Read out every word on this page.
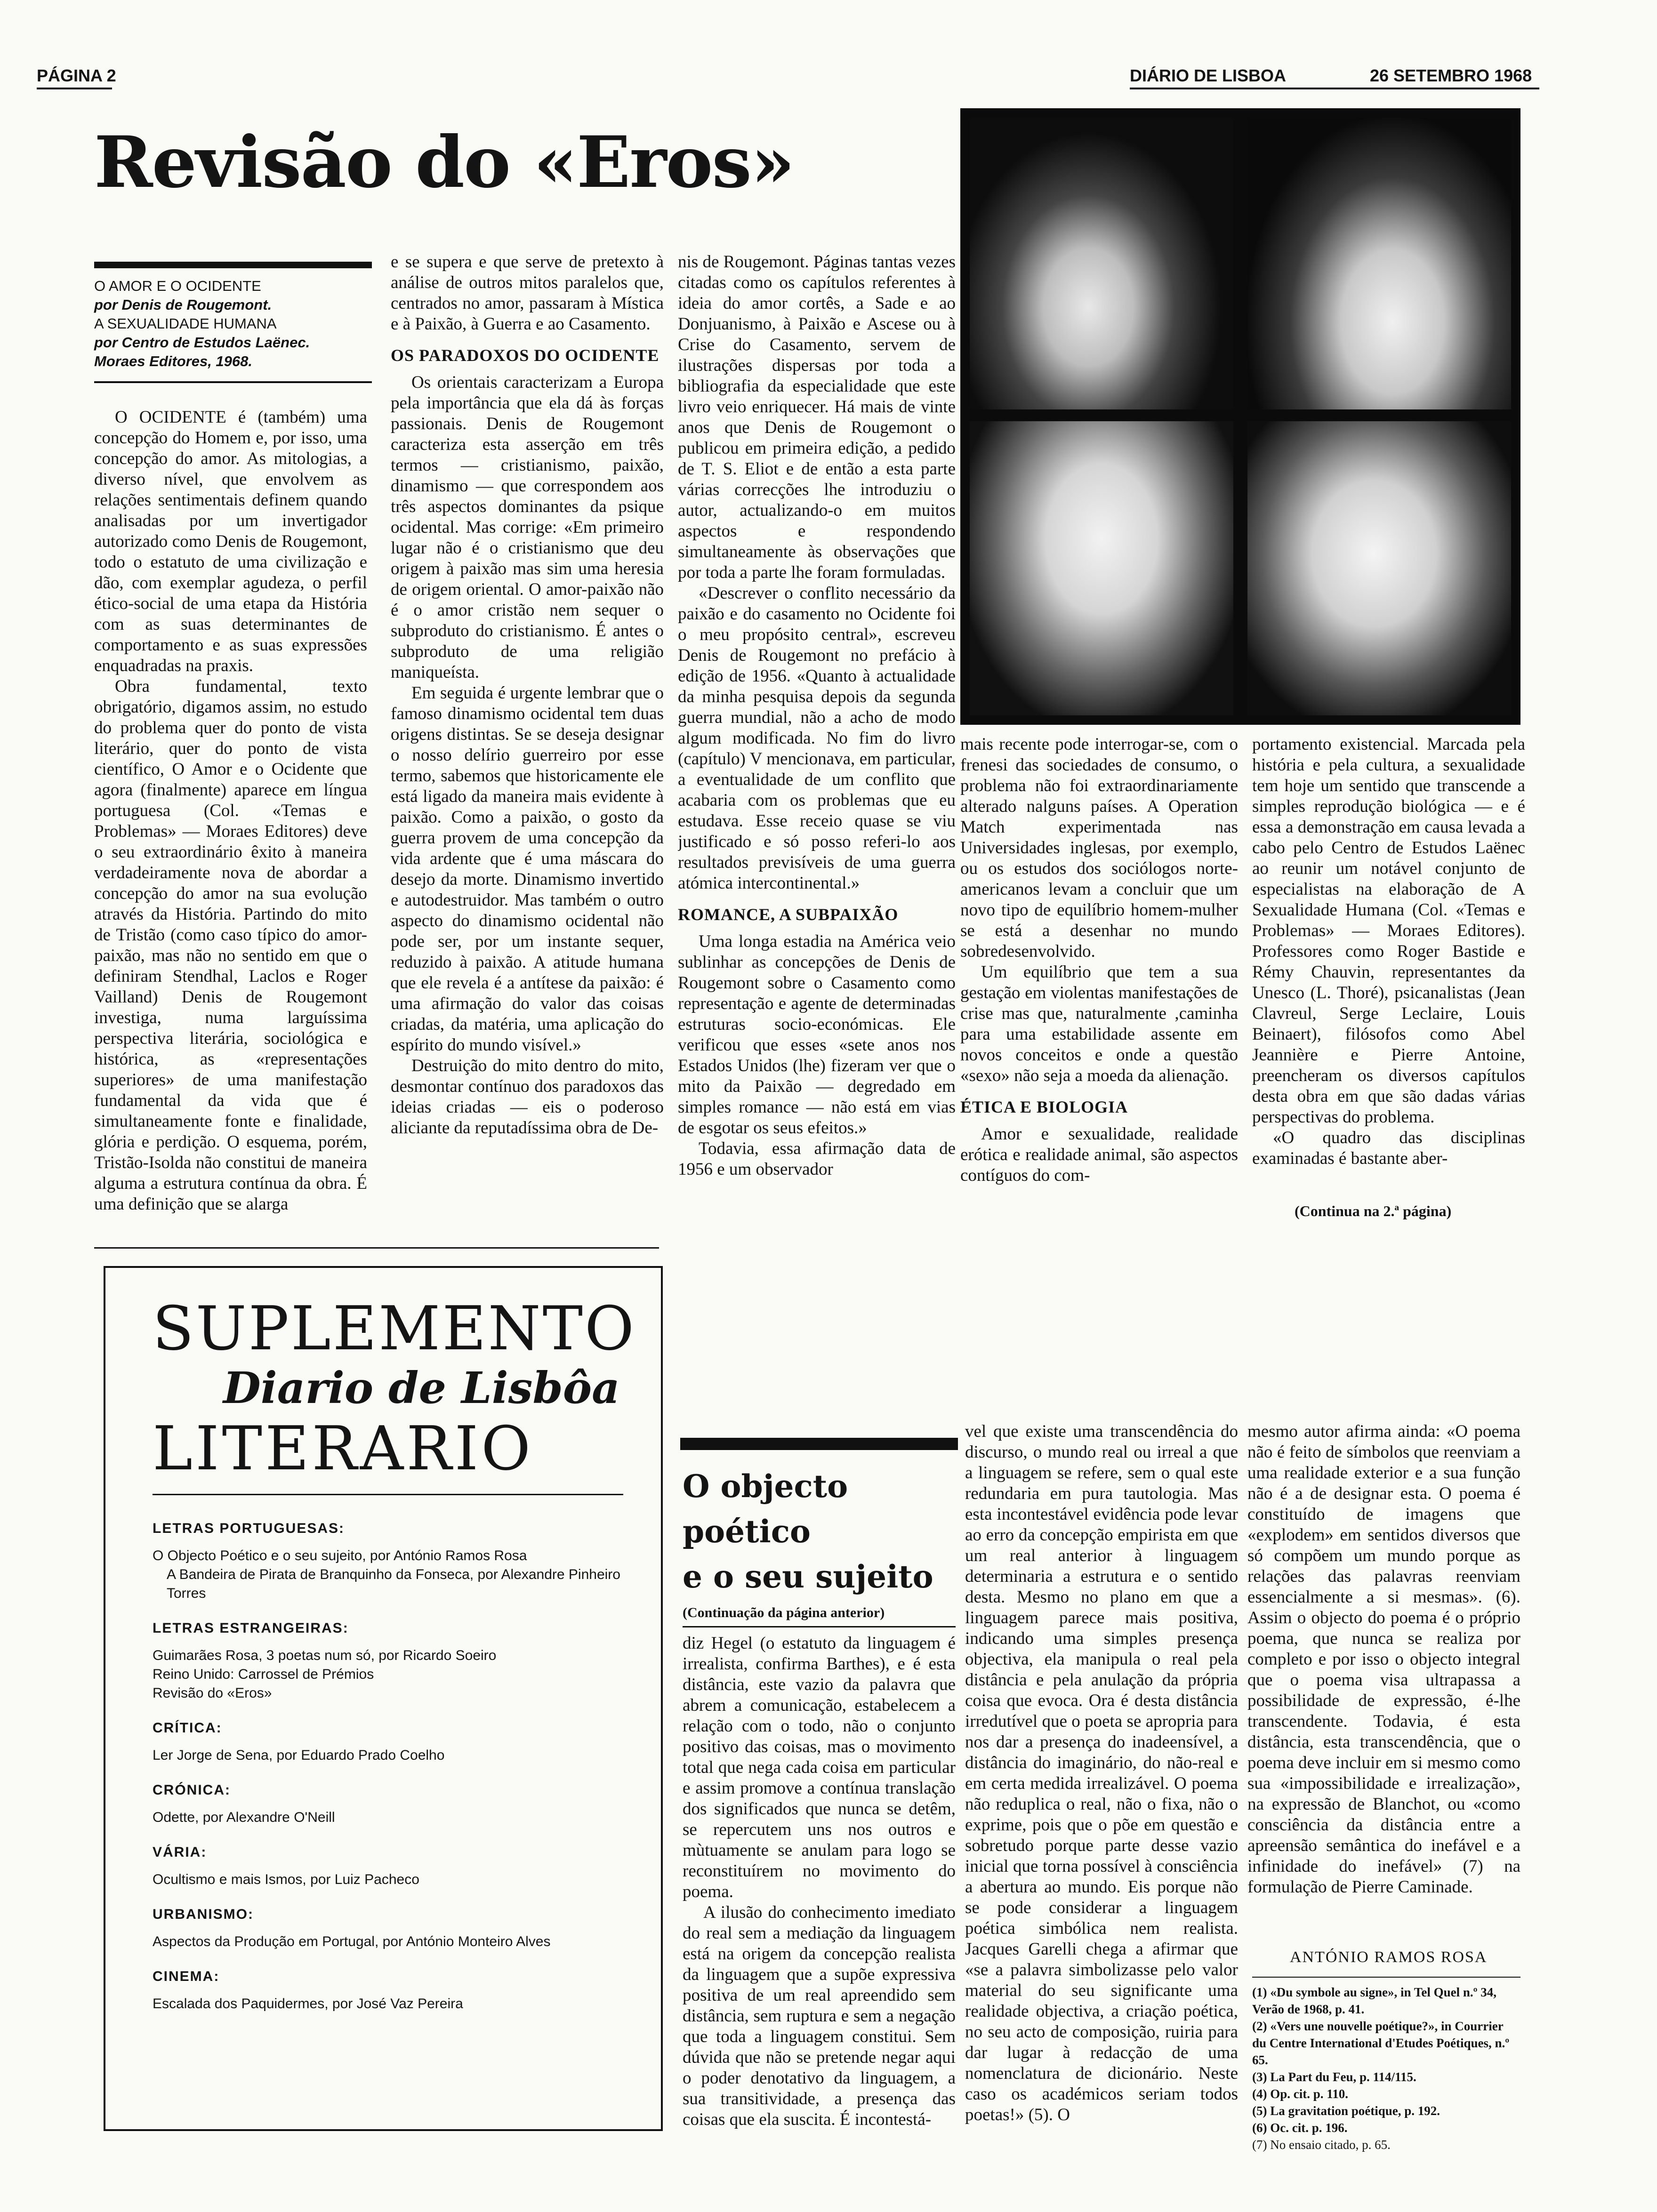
PÁGINA 2	DIÁRIO DE LISBOA	26 SETEMBRO 1968
Revisão do «Eros»
O AMOR E O OCIDENTE
por Denis de Rougemont.
A SEXUALIDADE HUMANA
por Centro de Estudos Laënec.
Moraes Editores, 1968.

O OCIDENTE é (também) uma concepção do Homem e, por isso, uma concepção do amor. As mitologias, a diverso nível, que envolvem as relações sentimentais definem quando analisadas por um invertigador autorizado como Denis de Rougemont, todo o estatuto de uma civilização e dão, com exemplar agudeza, o perfil ético-social de uma etapa da História com as suas determinantes de comportamento e as suas expressões enquadradas na praxis.

Obra fundamental, texto obrigatório, digamos assim, no estudo do problema quer do ponto de vista literário, quer do ponto de vista científico, O Amor e o Ocidente que agora (finalmente) aparece em língua portuguesa (Col. «Temas e Problemas» — Moraes Editores) deve o seu extraordinário êxito à maneira verdadeiramente nova de abordar a concepção do amor na sua evolução através da História. Partindo do mito de Tristão (como caso típico do amor-paixão, mas não no sentido em que o definiram Stendhal, Laclos e Roger Vailland) Denis de Rougemont investiga, numa larguíssima perspectiva literária, sociológica e histórica, as «representações superiores» de uma manifestação fundamental da vida que é simultaneamente fonte e finalidade, glória e perdição. O esquema, porém, Tristão-Isolda não constitui de maneira alguma a estrutura contínua da obra. É uma definição que se alarga

e se supera e que serve de pretexto à análise de outros mitos paralelos que, centrados no amor, passaram à Mística e à Paixão, à Guerra e ao Casamento.

OS PARADOXOS DO OCIDENTE

Os orientais caracterizam a Europa pela importância que ela dá às forças passionais. Denis de Rougemont caracteriza esta asserção em três termos — cristianismo, paixão, dinamismo — que correspondem aos três aspectos dominantes da psique ocidental. Mas corrige: «Em primeiro lugar não é o cristianismo que deu origem à paixão mas sim uma heresia de origem oriental. O amor-paixão não é o amor cristão nem sequer o subproduto do cristianismo. É antes o subproduto de uma religião maniqueísta.

Em seguida é urgente lembrar que o famoso dinamismo ocidental tem duas origens distintas. Se se deseja designar o nosso delírio guerreiro por esse termo, sabemos que historicamente ele está ligado da maneira mais evidente à paixão. Como a paixão, o gosto da guerra provem de uma concepção da vida ardente que é uma máscara do desejo da morte. Dinamismo invertido e autodestruidor. Mas também o outro aspecto do dinamismo ocidental não pode ser, por um instante sequer, reduzido à paixão. A atitude humana que ele revela é a antítese da paixão: é uma afirmação do valor das coisas criadas, da matéria, uma aplicação do espírito do mundo visível.»

Destruição do mito dentro do mito, desmontar contínuo dos paradoxos das ideias criadas — eis o poderoso aliciante da reputadíssima obra de De-

nis de Rougemont. Páginas tantas vezes citadas como os capítulos referentes à ideia do amor cortês, a Sade e ao Donjuanismo, à Paixão e Ascese ou à Crise do Casamento, servem de ilustrações dispersas por toda a bibliografia da especialidade que este livro veio enriquecer. Há mais de vinte anos que Denis de Rougemont o publicou em primeira edição, a pedido de T. S. Eliot e de então a esta parte várias correcções lhe introduziu o autor, actualizando-o em muitos aspectos e respondendo simultaneamente às observações que por toda a parte lhe foram formuladas.

«Descrever o conflito necessário da paixão e do casamento no Ocidente foi o meu propósito central», escreveu Denis de Rougemont no prefácio à edição de 1956. «Quanto à actualidade da minha pesquisa depois da segunda guerra mundial, não a acho de modo algum modificada. No fim do livro (capítulo) V mencionava, em particular, a eventualidade de um conflito que acabaria com os problemas que eu estudava. Esse receio quase se viu justificado e só posso referi-lo aos resultados previsíveis de uma guerra atómica intercontinental.»

ROMANCE, A SUBPAIXÃO

Uma longa estadia na América veio sublinhar as concepções de Denis de Rougemont sobre o Casamento como representação e agente de determinadas estruturas socio-económicas. Ele verificou que esses «sete anos nos Estados Unidos (lhe) fizeram ver que o mito da Paixão — degredado em simples romance — não está em vias de esgotar os seus efeitos.»

Todavia, essa afirmação data de 1956 e um observador

mais recente pode interrogar-se, com o frenesi das sociedades de consumo, o problema não foi extraordinariamente alterado nalguns países. A Operation Match experimentada nas Universidades inglesas, por exemplo, ou os estudos dos sociólogos norte-americanos levam a concluir que um novo tipo de equilíbrio homem-mulher se está a desenhar no mundo sobredesenvolvido.

Um equilíbrio que tem a sua gestação em violentas manifestações de crise mas que, naturalmente ,caminha para uma estabilidade assente em novos conceitos e onde a questão «sexo» não seja a moeda da alienação.

ÉTICA E BIOLOGIA

Amor e sexualidade, realidade erótica e realidade animal, são aspectos contíguos do com-

portamento existencial. Marcada pela história e pela cultura, a sexualidade tem hoje um sentido que transcende a simples reprodução biológica — e é essa a demonstração em causa levada a cabo pelo Centro de Estudos Laënec ao reunir um notável conjunto de especialistas na elaboração de A Sexualidade Humana (Col. «Temas e Problemas» — Moraes Editores). Professores como Roger Bastide e Rémy Chauvin, representantes da Unesco (L. Thoré), psicanalistas (Jean Clavreul, Serge Leclaire, Louis Beinaert), filósofos como Abel Jeannière e Pierre Antoine, preencheram os diversos capítulos desta obra em que são dadas várias perspectivas do problema.

«O quadro das disciplinas examinadas é bastante aber-

(Continua na 2.ª página)
SUPLEMENTO
Diario de Lisbôa
LITERARIO
LETRAS PORTUGUESAS:
O Objecto Poético e o seu sujeito, por António Ramos Rosa
A Bandeira de Pirata de Branquinho da Fonseca, por Alexandre Pinheiro Torres
LETRAS ESTRANGEIRAS:
Guimarães Rosa, 3 poetas num só, por Ricardo Soeiro
Reino Unido: Carrossel de Prémios
Revisão do «Eros»
CRÍTICA:
Ler Jorge de Sena, por Eduardo Prado Coelho
CRÓNICA:
Odette, por Alexandre O'Neill
VÁRIA:
Ocultismo e mais Ismos, por Luiz Pacheco
URBANISMO:
Aspectos da Produção em Portugal, por António Monteiro Alves
CINEMA:
Escalada dos Paquidermes, por José Vaz Pereira
O objecto
poético
e o seu sujeito
(Continuação da página anterior)

diz Hegel (o estatuto da linguagem é irrealista, confirma Barthes), e é esta distância, este vazio da palavra que abrem a comunicação, estabelecem a relação com o todo, não o conjunto positivo das coisas, mas o movimento total que nega cada coisa em particular e assim promove a contínua translação dos significados que nunca se detêm, se repercutem uns nos outros e mùtuamente se anulam para logo se reconstituírem no movimento do poema.

A ilusão do conhecimento imediato do real sem a mediação da linguagem está na origem da concepção realista da linguagem que a supõe expressiva positiva de um real apreendido sem distância, sem ruptura e sem a negação que toda a linguagem constitui. Sem dúvida que não se pretende negar aqui o poder denotativo da linguagem, a sua transitividade, a presença das coisas que ela suscita. É incontestá-

vel que existe uma transcendência do discurso, o mundo real ou irreal a que a linguagem se refere, sem o qual este redundaria em pura tautologia. Mas esta incontestável evidência pode levar ao erro da concepção empirista em que um real anterior à linguagem determinaria a estrutura e o sentido desta. Mesmo no plano em que a linguagem parece mais positiva, indicando uma simples presença objectiva, ela manipula o real pela distância e pela anulação da própria coisa que evoca. Ora é desta distância irredutível que o poeta se apropria para nos dar a presença do inadeensível, a distância do imaginário, do não-real e em certa medida irrealizável. O poema não reduplica o real, não o fixa, não o exprime, pois que o põe em questão e sobretudo porque parte desse vazio inicial que torna possível à consciência a abertura ao mundo. Eis porque não se pode considerar a linguagem poética simbólica nem realista. Jacques Garelli chega a afirmar que «se a palavra simbolizasse pelo valor material do seu significante uma realidade objectiva, a criação poética, no seu acto de composição, ruiria para dar lugar à redacção de uma nomenclatura de dicionário. Neste caso os académicos seriam todos poetas!» (5). O

mesmo autor afirma ainda: «O poema não é feito de símbolos que reenviam a uma realidade exterior e a sua função não é a de designar esta. O poema é constituído de imagens que «explodem» em sentidos diversos que só compõem um mundo porque as relações das palavras reenviam essencialmente a si mesmas». (6). Assim o objecto do poema é o próprio poema, que nunca se realiza por completo e por isso o objecto integral que o poema visa ultrapassa a possibilidade de expressão, é-lhe transcendente. Todavia, é esta distância, esta transcendência, que o poema deve incluir em si mesmo como sua «impossibilidade e irrealização», na expressão de Blanchot, ou «como consciência da distância entre a apreensão semântica do inefável e a infinidade do inefável» (7) na formulação de Pierre Caminade.

ANTÓNIO RAMOS ROSA
(1) «Du symbole au signe», in Tel Quel n.º 34, Verão de 1968, p. 41.
(2) «Vers une nouvelle poétique?», in Courrier du Centre International d'Etudes Poétiques, n.º 65.
(3) La Part du Feu, p. 114/115.
(4) Op. cit. p. 110.
(5) La gravitation poétique, p. 192.
(6) Oc. cit. p. 196.
(7) No ensaio citado, p. 65.
